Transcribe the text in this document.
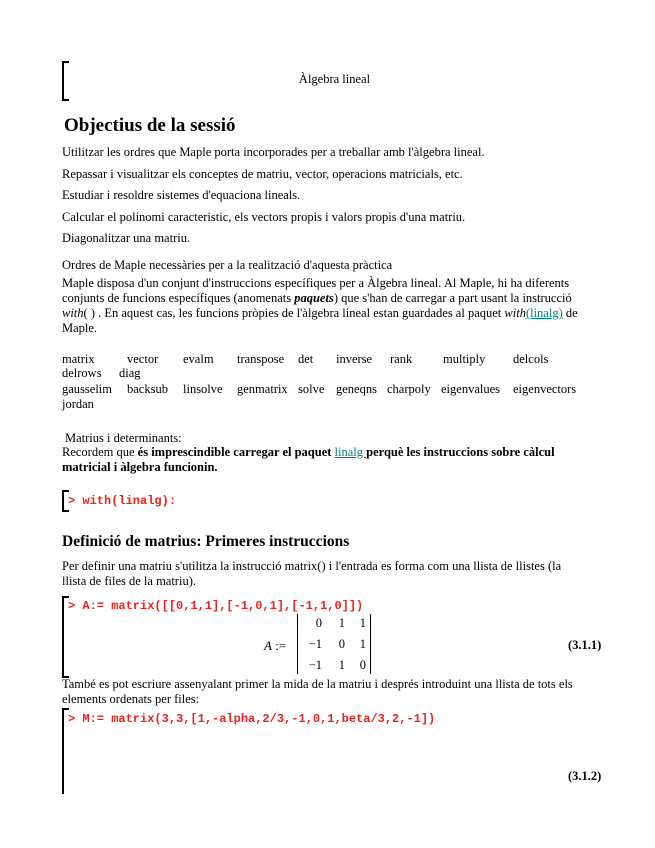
Àlgebra lineal
Objectius de la sessió
Utilitzar les ordres que Maple porta incorporades per a treballar amb l'àlgebra lineal.
Repassar i visualitzar els conceptes de matriu, vector, operacions matricials, etc.
Estudiar i resoldre sistemes d'equaciona lineals.
Calcular el polinomi caracteristic, els vectors propis i valors propis d'una matriu.
Diagonalitzar una matriu.
Ordres de Maple necessàries per a la realització d'aquesta pràctica
Maple disposa d'un conjunt d'instruccions específiques per a Àlgebra lineal. Al Maple, hi ha diferents
conjunts de funcions específiques (anomenats paquets) que s'han de carregar a part usant la instrucció
with( ) . En aquest cas, les funcions pròpies de l'àlgebra lineal estan guardades al paquet with(linalg) de
Maple.
matrix	vector evalm transpose det inverse rank multiply delcols
delrows diag
gausselim backsub linsolve genmatrix solve geneqns charpoly eigenvalues eigenvectors
jordan
Matrius i determinants:
Recordem que és imprescindible carregar el paquet linalg perquè les instruccions sobre càlcul
matricial i àlgebra funcionin.
> with(linalg):
Definició de matrius: Primeres instruccions
Per definir una matriu s'utilitza la instrucció matrix() i l'entrada es forma com una llista de llistes (la
llista de files de la matriu).
> A:= matrix([[0,1,1],[-1,0,1],[-1,1,0]])
A :=
0	1	1
−1	0	1
−1	1	0
(3.1.1)
També es pot escriure assenyalant primer la mida de la matriu i després introduint una llista de tots els
elements ordenats per files:
> M:= matrix(3,3,[1,-alpha,2/3,-1,0,1,beta/3,2,-1])
(3.1.2)
